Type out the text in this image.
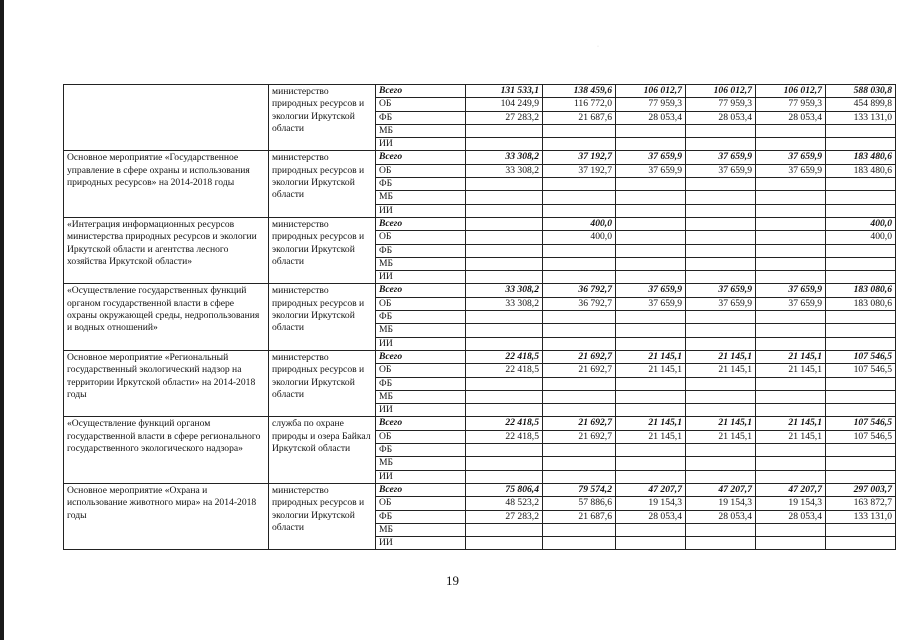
·
	министерство природных ресурсов и экологии Иркутской области	Всего	131 533,1	138 459,6	106 012,7	106 012,7	106 012,7	588 030,8
		ОБ	104 249,9	116 772,0	77 959,3	77 959,3	77 959,3	454 899,8
		ФБ	27 283,2	21 687,6	28 053,4	28 053,4	28 053,4	133 131,0
		МБ						
		ИИ						
Основное мероприятие «Государственное управление в сфере охраны и использования природных ресурсов» на 2014-2018 годы	министерство природных ресурсов и экологии Иркутской области	Всего	33 308,2	37 192,7	37 659,9	37 659,9	37 659,9	183 480,6
		ОБ	33 308,2	37 192,7	37 659,9	37 659,9	37 659,9	183 480,6
		ФБ						
		МБ						
		ИИ						
«Интеграция информационных ресурсов министерства природных ресурсов и экологии Иркутской области и агентства лесного хозяйства Иркутской области»	министерство природных ресурсов и экологии Иркутской области	Всего		400,0				400,0
		ОБ		400,0				400,0
		ФБ						
		МБ						
		ИИ						
«Осуществление государственных функций органом государственной власти в сфере охраны окружающей среды, недропользования и водных отношений»	министерство природных ресурсов и экологии Иркутской области	Всего	33 308,2	36 792,7	37 659,9	37 659,9	37 659,9	183 080,6
		ОБ	33 308,2	36 792,7	37 659,9	37 659,9	37 659,9	183 080,6
		ФБ						
		МБ						
		ИИ						
Основное мероприятие «Региональный государственный экологический надзор на территории Иркутской области» на 2014-2018 годы	министерство природных ресурсов и экологии Иркутской области	Всего	22 418,5	21 692,7	21 145,1	21 145,1	21 145,1	107 546,5
		ОБ	22 418,5	21 692,7	21 145,1	21 145,1	21 145,1	107 546,5
		ФБ						
		МБ						
		ИИ						
«Осуществление функций органом государственной власти в сфере регионального государственного экологического надзора»	служба по охране природы и озера Байкал Иркутской области	Всего	22 418,5	21 692,7	21 145,1	21 145,1	21 145,1	107 546,5
		ОБ	22 418,5	21 692,7	21 145,1	21 145,1	21 145,1	107 546,5
		ФБ						
		МБ						
		ИИ						
Основное мероприятие «Охрана и использование животного мира» на 2014-2018 годы	министерство природных ресурсов и экологии Иркутской области	Всего	75 806,4	79 574,2	47 207,7	47 207,7	47 207,7	297 003,7
		ОБ	48 523,2	57 886,6	19 154,3	19 154,3	19 154,3	163 872,7
		ФБ	27 283,2	21 687,6	28 053,4	28 053,4	28 053,4	133 131,0
		МБ						
		ИИ						
19
